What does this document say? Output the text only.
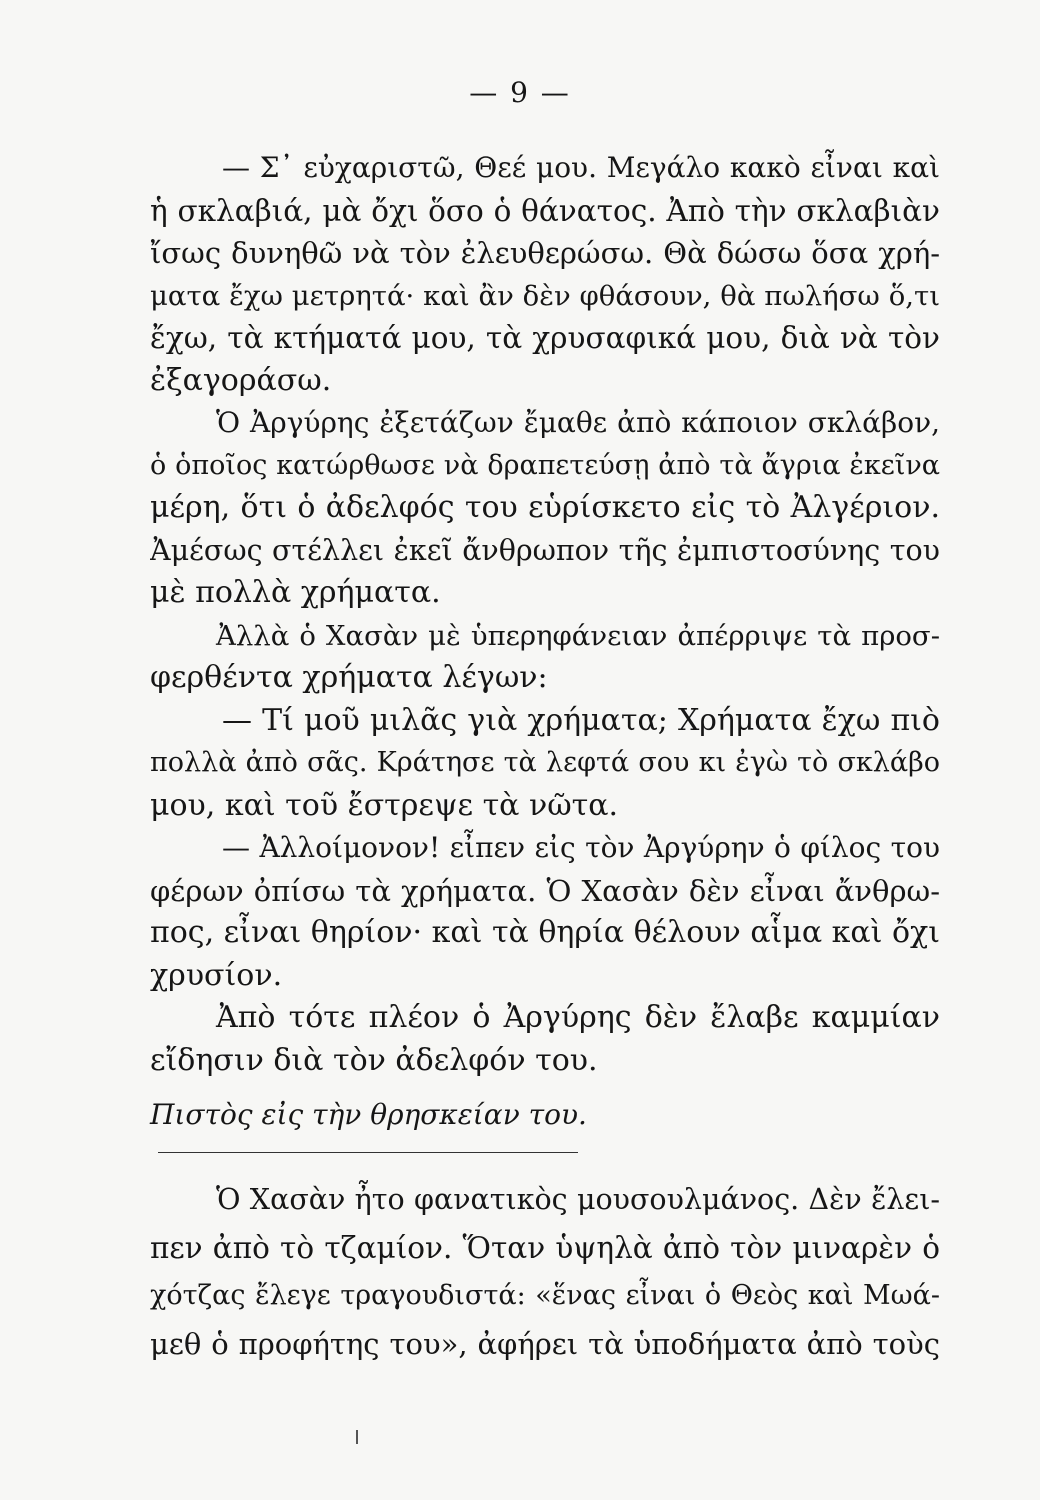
— 9 —
— Σ᾽ εὐχαριστῶ, Θεέ μου. Μεγάλο κακὸ εἶναι καὶ
ἡ σκλαβιά, μὰ ὄχι ὅσο ὁ θάνατος. Ἀπὸ τὴν σκλαβιὰν
ἴσως δυνηθῶ νὰ τὸν ἐλευθερώσω. Θὰ δώσω ὅσα χρή-
ματα ἔχω μετρητά· καὶ ἂν δὲν φθάσουν, θὰ πωλήσω ὅ,τι
ἔχω, τὰ κτήματά μου, τὰ χρυσαφικά μου, διὰ νὰ τὸν
ἐξαγοράσω.
Ὁ Ἀργύρης ἐξετάζων ἔμαθε ἀπὸ κάποιον σκλάβον,
ὁ ὁποῖος κατώρθωσε νὰ δραπετεύσῃ ἀπὸ τὰ ἄγρια ἐκεῖνα
μέρη, ὅτι ὁ ἀδελφός του εὑρίσκετο εἰς τὸ Ἀλγέριον.
Ἀμέσως στέλλει ἐκεῖ ἄνθρωπον τῆς ἐμπιστοσύνης του
μὲ πολλὰ χρήματα.
Ἀλλὰ ὁ Χασὰν μὲ ὑπερηφάνειαν ἀπέρριψε τὰ προσ-
φερθέντα χρήματα λέγων:
— Τί μοῦ μιλᾶς γιὰ χρήματα; Χρήματα ἔχω πιὸ
πολλὰ ἀπὸ σᾶς. Κράτησε τὰ λεφτά σου κι ἐγὼ τὸ σκλάβο
μου, καὶ τοῦ ἔστρεψε τὰ νῶτα.
— Ἀλλοίμονον! εἶπεν εἰς τὸν Ἀργύρην ὁ φίλος του
φέρων ὀπίσω τὰ χρήματα. Ὁ Χασὰν δὲν εἶναι ἄνθρω-
πος, εἶναι θηρίον· καὶ τὰ θηρία θέλουν αἷμα καὶ ὄχι
χρυσίον.
Ἀπὸ τότε πλέον ὁ Ἀργύρης δὲν ἔλαβε καμμίαν
εἴδησιν διὰ τὸν ἀδελφόν του.
Πιστὸς εἰς τὴν θρησκείαν του.
Ὁ Χασὰν ἦτο φανατικὸς μουσουλμάνος. Δὲν ἔλει-
πεν ἀπὸ τὸ τζαμίον. Ὅταν ὑψηλὰ ἀπὸ τὸν μιναρὲν ὁ
χότζας ἔλεγε τραγουδιστά: «ἕνας εἶναι ὁ Θεὸς καὶ Μωά-
μεθ ὁ προφήτης του», ἀφήρει τὰ ὑποδήματα ἀπὸ τοὺς
